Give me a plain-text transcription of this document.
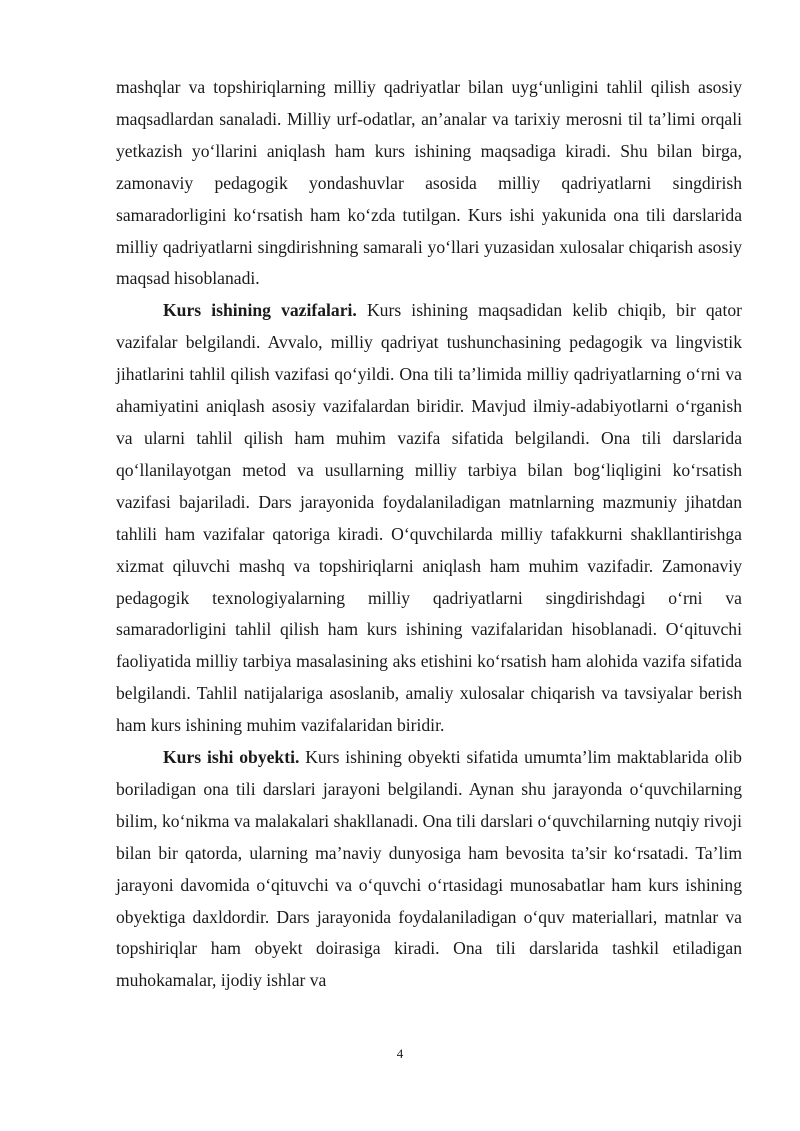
mashqlar va topshiriqlarning milliy qadriyatlar bilan uyg‘unligini tahlil qilish asosiy maqsadlardan sanaladi. Milliy urf-odatlar, an’analar va tarixiy merosni til ta’limi orqali yetkazish yo‘llarini aniqlash ham kurs ishining maqsadiga kiradi. Shu bilan birga, zamonaviy pedagogik yondashuvlar asosida milliy qadriyatlarni singdirish samaradorligini ko‘rsatish ham ko‘zda tutilgan. Kurs ishi yakunida ona tili darslarida milliy qadriyatlarni singdirishning samarali yo‘llari yuzasidan xulosalar chiqarish asosiy maqsad hisoblanadi.

Kurs ishining vazifalari. Kurs ishining maqsadidan kelib chiqib, bir qator vazifalar belgilandi. Avvalo, milliy qadriyat tushunchasining pedagogik va lingvistik jihatlarini tahlil qilish vazifasi qo‘yildi. Ona tili ta’limida milliy qadriyatlarning o‘rni va ahamiyatini aniqlash asosiy vazifalardan biridir. Mavjud ilmiy-adabiyotlarni o‘rganish va ularni tahlil qilish ham muhim vazifa sifatida belgilandi. Ona tili darslarida qo‘llanilayotgan metod va usullarning milliy tarbiya bilan bog‘liqligini ko‘rsatish vazifasi bajariladi. Dars jarayonida foydalaniladigan matnlarning mazmuniy jihatdan tahlili ham vazifalar qatoriga kiradi. O‘quvchilarda milliy tafakkurni shakllantirishga xizmat qiluvchi mashq va topshiriqlarni aniqlash ham muhim vazifadir. Zamonaviy pedagogik texnologiyalarning milliy qadriyatlarni singdirishdagi o‘rni va samaradorligini tahlil qilish ham kurs ishining vazifalaridan hisoblanadi. O‘qituvchi faoliyatida milliy tarbiya masalasining aks etishini ko‘rsatish ham alohida vazifa sifatida belgilandi. Tahlil natijalariga asoslanib, amaliy xulosalar chiqarish va tavsiyalar berish ham kurs ishining muhim vazifalaridan biridir.

Kurs ishi obyekti. Kurs ishining obyekti sifatida umumta’lim maktablarida olib boriladigan ona tili darslari jarayoni belgilandi. Aynan shu jarayonda o‘quvchilarning bilim, ko‘nikma va malakalari shakllanadi. Ona tili darslari o‘quvchilarning nutqiy rivoji bilan bir qatorda, ularning ma’naviy dunyosiga ham bevosita ta’sir ko‘rsatadi. Ta’lim jarayoni davomida o‘qituvchi va o‘quvchi o‘rtasidagi munosabatlar ham kurs ishining obyektiga daxldordir. Dars jarayonida foydalaniladigan o‘quv materiallari, matnlar va topshiriqlar ham obyekt doirasiga kiradi. Ona tili darslarida tashkil etiladigan muhokamalar, ijodiy ishlar va

4
